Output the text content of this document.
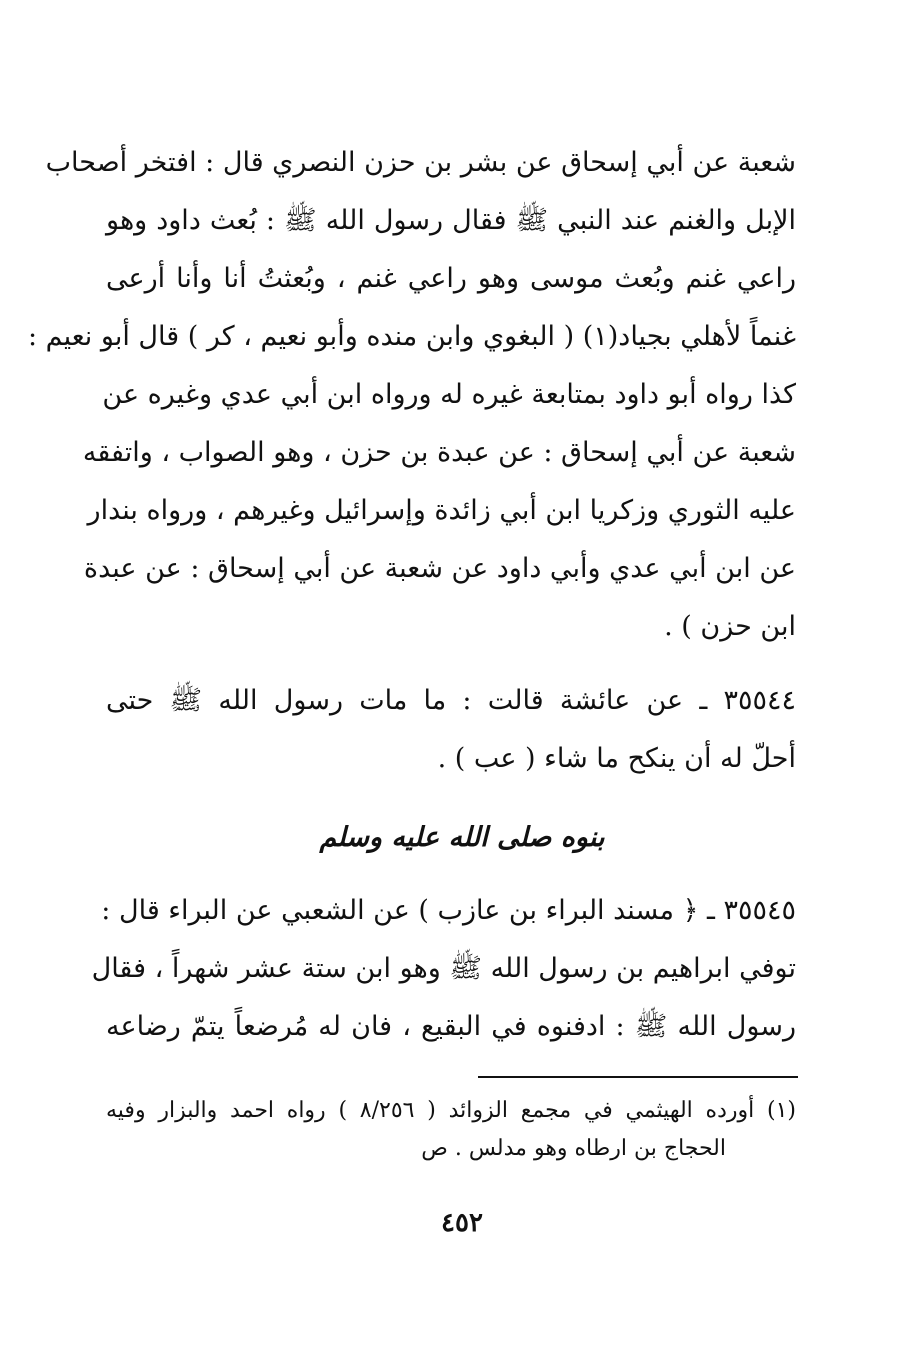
شعبة عن أبي إسحاق عن بشر بن حزن النصري قال : افتخر أصحاب
الإبل والغنم عند النبي ﷺ فقال رسول الله ﷺ : بُعث داود وهو
راعي غنم وبُعث موسى وهو راعي غنم ، وبُعثتُ أنا وأنا أرعى
غنماً لأهلي بجياد(١) ( البغوي وابن منده وأبو نعيم ، كر ) قال أبو نعيم :
كذا رواه أبو داود بمتابعة غيره له ورواه ابن أبي عدي وغيره عن
شعبة عن أبي إسحاق : عن عبدة بن حزن ، وهو الصواب ، واتفقه
عليه الثوري وزكريا ابن أبي زائدة وإسرائيل وغيرهم ، ورواه بندار
عن ابن أبي عدي وأبي داود عن شعبة عن أبي إسحاق : عن عبدة
ابن حزن ) .
٣٥٥٤٤ ـ عن عائشة قالت : ما مات رسول الله ﷺ حتى
أحلّ له أن ينكح ما شاء ( عب ) .
بنوه صلى الله عليه وسلم
٣٥٥٤٥ ـ ﴿ مسند البراء بن عازب ) عن الشعبي عن البراء قال :
توفي ابراهيم بن رسول الله ﷺ وهو ابن ستة عشر شهراً ، فقال
رسول الله ﷺ : ادفنوه في البقيع ، فان له مُرضعاً يتمّ رضاعه
(١) أورده الهيثمي في مجمع الزوائد ( ٨/٢٥٦ ) رواه احمد والبزار وفيه
الحجاج بن ارطاه وهو مدلس . ص
٤٥٢
